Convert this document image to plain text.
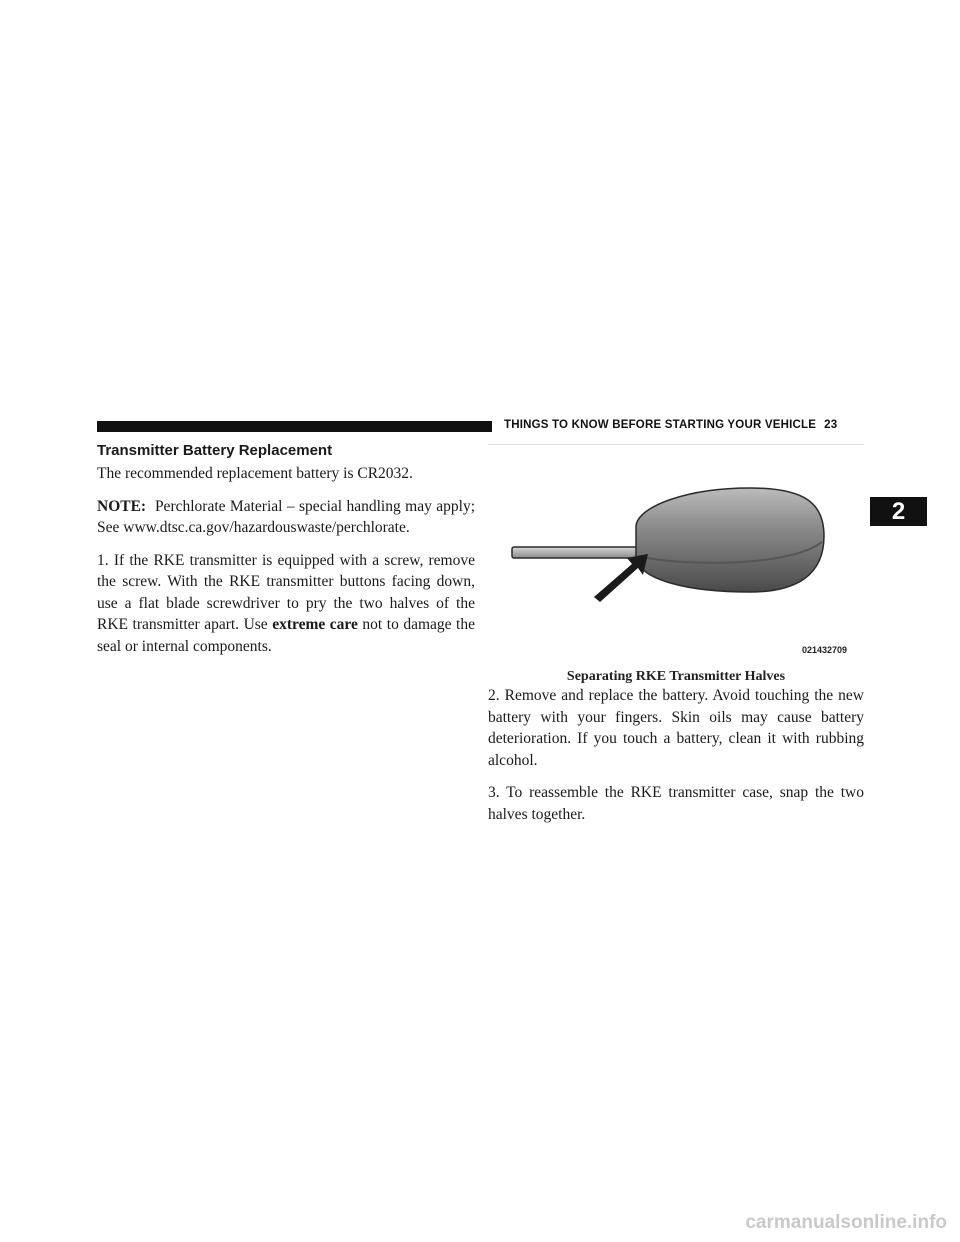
THINGS TO KNOW BEFORE STARTING YOUR VEHICLE 23
2
Transmitter Battery Replacement

The recommended replacement battery is CR2032.

NOTE: Perchlorate Material – special handling may apply; See www.dtsc.ca.gov/hazardouswaste/perchlorate.

1. If the RKE transmitter is equipped with a screw, remove the screw. With the RKE transmitter buttons facing down, use a flat blade screwdriver to pry the two halves of the RKE transmitter apart. Use extreme care not to damage the seal or internal components.	021432709
Separating RKE Transmitter Halves

2. Remove and replace the battery. Avoid touching the new battery with your fingers. Skin oils may cause battery deterioration. If you touch a battery, clean it with rubbing alcohol.

3. To reassemble the RKE transmitter case, snap the two halves together.

carmanualsonline.info
